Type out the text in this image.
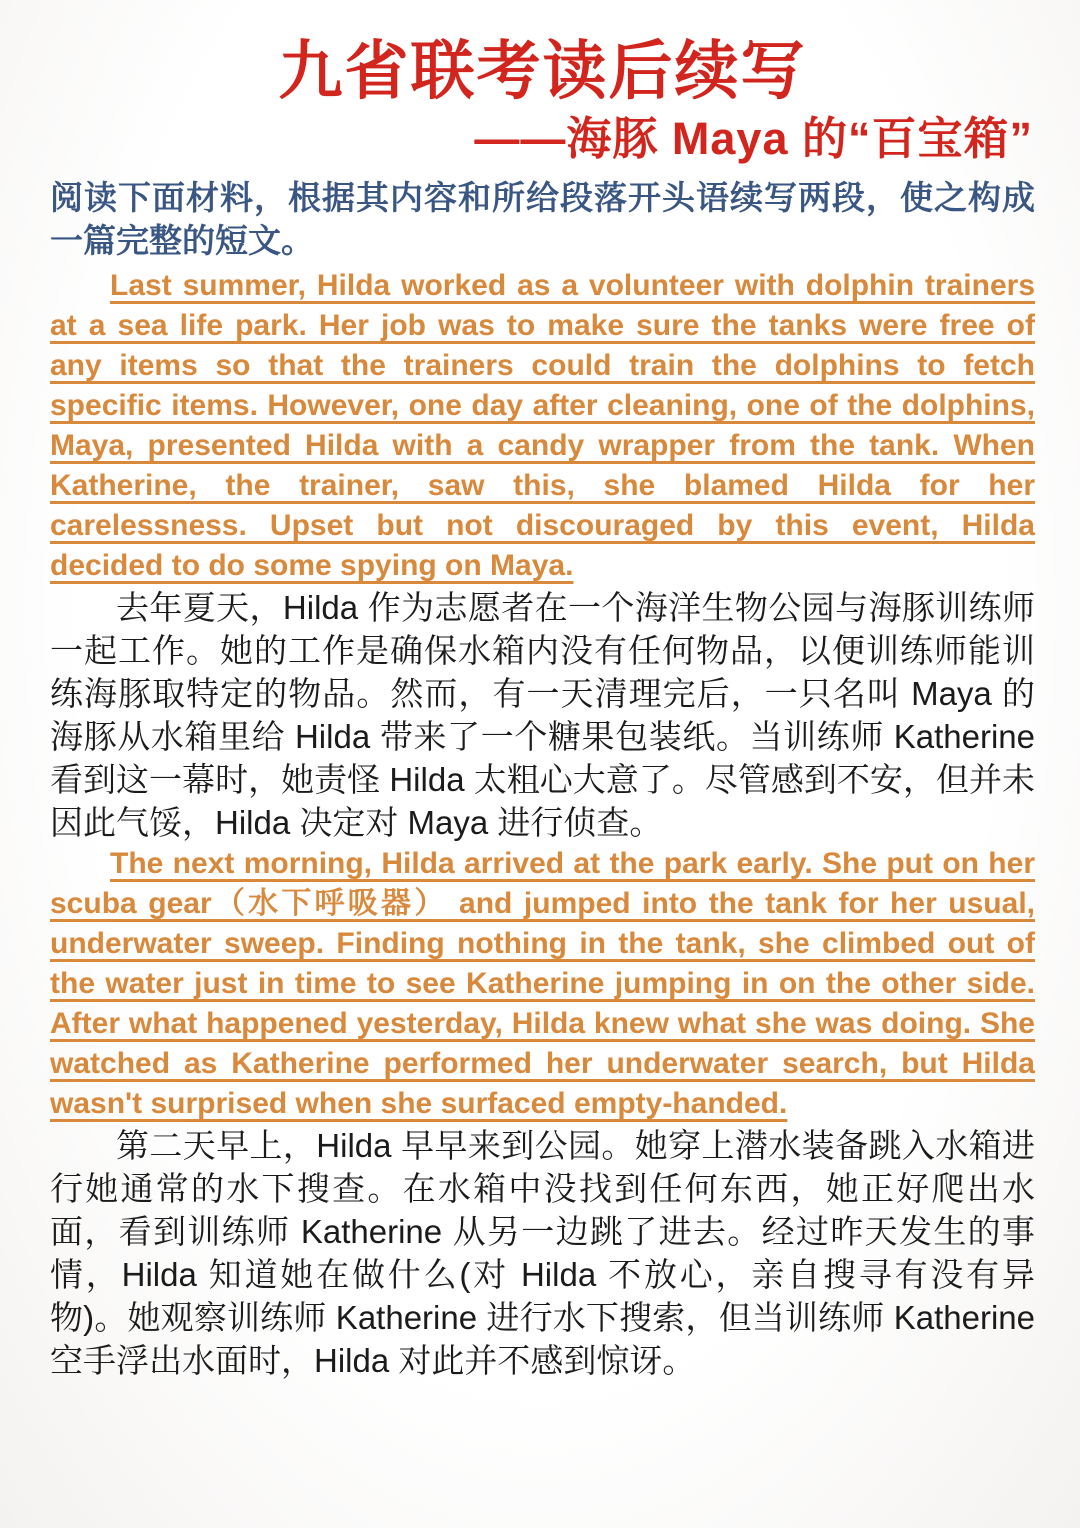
九省联考读后续写
——海豚 Maya 的“百宝箱”

阅读下面材料，根据其内容和所给段落开头语续写两段，使之构成一篇完整的短文。

Last summer, Hilda worked as a volunteer with dolphin trainers at a sea life park. Her job was to make sure the tanks were free of any items so that the trainers could train the dolphins to fetch specific items. However, one day after cleaning, one of the dolphins, Maya, presented Hilda with a candy wrapper from the tank. When Katherine, the trainer, saw this, she blamed Hilda for her carelessness. Upset but not discouraged by this event, Hilda decided to do some spying on Maya.

去年夏天，Hilda 作为志愿者在一个海洋生物公园与海豚训练师一起工作。她的工作是确保水箱内没有任何物品，以便训练师能训练海豚取特定的物品。然而，有一天清理完后，一只名叫 Maya 的海豚从水箱里给 Hilda 带来了一个糖果包装纸。当训练师 Katherine 看到这一幕时，她责怪 Hilda 太粗心大意了。尽管感到不安，但并未因此气馁，Hilda 决定对 Maya 进行侦查。

The next morning, Hilda arrived at the park early. She put on her scuba gear（水下呼吸器） and jumped into the tank for her usual, underwater sweep. Finding nothing in the tank, she climbed out of the water just in time to see Katherine jumping in on the other side. After what happened yesterday, Hilda knew what she was doing. She watched as Katherine performed her underwater search, but Hilda wasn't surprised when she surfaced empty-handed.

第二天早上，Hilda 早早来到公园。她穿上潜水装备跳入水箱进行她通常的水下搜查。在水箱中没找到任何东西，她正好爬出水面，看到训练师 Katherine 从另一边跳了进去。经过昨天发生的事情，Hilda 知道她在做什么(对 Hilda 不放心，亲自搜寻有没有异物)。她观察训练师 Katherine 进行水下搜索，但当训练师 Katherine 空手浮出水面时，Hilda 对此并不感到惊讶。
